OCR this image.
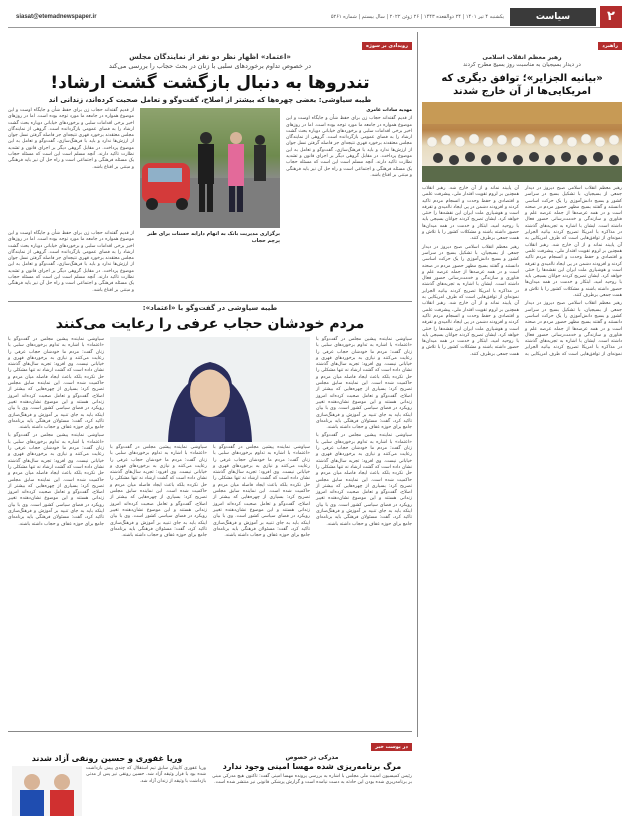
۲
سیاست
یکشنبه ۴ تیر ۱۴۰۱ | ۲۴ ذوالقعده ۱۴۴۳ | ۲۶ ژوئن ۲۰۲۲ | سال بیستم | شماره ۵۲۶۱
siasat@etemadnewspaper.ir
راهبرد
رهبر معظم انقلاب اسلامی
در دیدار بسیجیان به مناسبت روز بسیج مطرح کردند
«بیانیه الجزایر»؛ توافق دیگری که امریکایی‌ها از آن خارج شدند

رهبر معظم انقلاب اسلامی صبح دیروز در دیدار جمعی از بسیجیان، با تشکیل بسیج در سراسر کشور و بسیج دانش‌آموزی را یک حرکت اساسی دانستند و گفتند بسیج مظهر حضور مردم در صحنه است و در همه عرصه‌ها از جمله عرصه علم و فناوری و سازندگی و خدمت‌رسانی حضور فعال داشته است. ایشان با اشاره به تجربه‌های گذشته در مذاکره با امریکا تصریح کردند بیانیه الجزایر نمونه‌ای از توافق‌هایی است که طرف امریکایی به آن پایبند نماند و از آن خارج شد. رهبر انقلاب همچنین بر لزوم تقویت اقتدار ملی، پیشرفت علمی و اقتصادی و حفظ وحدت و انسجام مردم تاکید کردند و افزودند دشمن در پی ایجاد ناامیدی و تفرقه است و هوشیاری ملت ایران این نقشه‌ها را خنثی خواهد کرد. ایشان تصریح کردند جوانان بسیجی باید با روحیه امید، ابتکار و خدمت در همه میدان‌ها حضور داشته باشند و مشکلات کشور را با تلاش و همت جمعی برطرف کنند.

رهبر معظم انقلاب اسلامی صبح دیروز در دیدار جمعی از بسیجیان، با تشکیل بسیج در سراسر کشور و بسیج دانش‌آموزی را یک حرکت اساسی دانستند و گفتند بسیج مظهر حضور مردم در صحنه است و در همه عرصه‌ها از جمله عرصه علم و فناوری و سازندگی و خدمت‌رسانی حضور فعال داشته است. ایشان با اشاره به تجربه‌های گذشته در مذاکره با امریکا تصریح کردند بیانیه الجزایر نمونه‌ای از توافق‌هایی است که طرف امریکایی به آن پایبند نماند و از آن خارج شد. رهبر انقلاب همچنین بر لزوم تقویت اقتدار ملی، پیشرفت علمی و اقتصادی و حفظ وحدت و انسجام مردم تاکید کردند و افزودند دشمن در پی ایجاد ناامیدی و تفرقه است و هوشیاری ملت ایران این نقشه‌ها را خنثی خواهد کرد. ایشان تصریح کردند جوانان بسیجی باید با روحیه امید، ابتکار و خدمت در همه میدان‌ها حضور داشته باشند و مشکلات کشور را با تلاش و همت جمعی برطرف کنند.

رهبر معظم انقلاب اسلامی صبح دیروز در دیدار جمعی از بسیجیان، با تشکیل بسیج در سراسر کشور و بسیج دانش‌آموزی را یک حرکت اساسی دانستند و گفتند بسیج مظهر حضور مردم در صحنه است و در همه عرصه‌ها از جمله عرصه علم و فناوری و سازندگی و خدمت‌رسانی حضور فعال داشته است. ایشان با اشاره به تجربه‌های گذشته در مذاکره با امریکا تصریح کردند بیانیه الجزایر نمونه‌ای از توافق‌هایی است که طرف امریکایی به آن پایبند نماند و از آن خارج شد. رهبر انقلاب همچنین بر لزوم تقویت اقتدار ملی، پیشرفت علمی و اقتصادی و حفظ وحدت و انسجام مردم تاکید کردند و افزودند دشمن در پی ایجاد ناامیدی و تفرقه است و هوشیاری ملت ایران این نقشه‌ها را خنثی خواهد کرد. ایشان تصریح کردند جوانان بسیجی باید با روحیه امید، ابتکار و خدمت در همه میدان‌ها حضور داشته باشند و مشکلات کشور را با تلاش و همت جمعی برطرف کنند.

رویدادی بر سوژه
«اعتماد» اظهار نظر دو نفر از نمایندگان مجلس
در خصوص تداوم برخوردهای سلبی با زنان در بحث حجاب را بررسی می‌کند
تندروها به دنبال بازگشت گشت ارشاد!
طیبه سیاوشی: بعضی چهره‌ها که بیشتر از اصلاح، گفت‌وگو و تعامل صحبت کرده‌اند، زندانی اند

مهدیه سادات عامری

از قدیم گفته‌اند حجاب زن برای حفظ شأن و جایگاه اوست و این موضوع همواره در جامعه ما مورد توجه بوده است. اما در روزهای اخیر برخی اقدامات سلبی و برخوردهای خیابانی دوباره بحث گشت ارشاد را به فضای عمومی بازگردانده است. گروهی از نمایندگان مجلس معتقدند برخورد قهری نتیجه‌ای جز فاصله گرفتن نسل جوان از ارزش‌ها ندارد و باید با فرهنگ‌سازی، گفت‌وگو و تعامل به این موضوع پرداخت. در مقابل گروهی دیگر بر اجرای قانون و تشدید نظارت تاکید دارند. آنچه مسلم است این است که مسئله حجاب یک مسئله فرهنگی و اجتماعی است و راه حل آن نیز باید فرهنگی و مبتنی بر اقناع باشد.

از قدیم گفته‌اند حجاب زن برای حفظ شأن و جایگاه اوست و این موضوع همواره در جامعه ما مورد توجه بوده است. اما در روزهای اخیر برخی اقدامات سلبی و برخوردهای خیابانی دوباره بحث گشت ارشاد را به فضای عمومی بازگردانده است. گروهی از نمایندگان مجلس معتقدند برخورد قهری نتیجه‌ای جز فاصله گرفتن نسل جوان از ارزش‌ها ندارد و باید با فرهنگ‌سازی، گفت‌وگو و تعامل به این موضوع پرداخت. در مقابل گروهی دیگر بر اجرای قانون و تشدید نظارت تاکید دارند. آنچه مسلم است این است که مسئله حجاب یک مسئله فرهنگی و اجتماعی است و راه حل آن نیز باید فرهنگی و مبتنی بر اقناع باشد.

برگزاری مدیریت بانک به اتهام دارابه حسنات برای طنر پرچم حجاب

از قدیم گفته‌اند حجاب زن برای حفظ شأن و جایگاه اوست و این موضوع همواره در جامعه ما مورد توجه بوده است. اما در روزهای اخیر برخی اقدامات سلبی و برخوردهای خیابانی دوباره بحث گشت ارشاد را به فضای عمومی بازگردانده است. گروهی از نمایندگان مجلس معتقدند برخورد قهری نتیجه‌ای جز فاصله گرفتن نسل جوان از ارزش‌ها ندارد و باید با فرهنگ‌سازی، گفت‌وگو و تعامل به این موضوع پرداخت. در مقابل گروهی دیگر بر اجرای قانون و تشدید نظارت تاکید دارند. آنچه مسلم است این است که مسئله حجاب یک مسئله فرهنگی و اجتماعی است و راه حل آن نیز باید فرهنگی و مبتنی بر اقناع باشد.

طیبه سیاوشی در گفت‌وگو با «اعتماد»:
مردم خودشان حجاب عرفی را رعایت می‌کنند

سیاوشی نماینده پیشین مجلس در گفت‌وگو با «اعتماد» با اشاره به تداوم برخوردهای سلبی با زنان گفت: مردم ما خودشان حجاب عرفی را رعایت می‌کنند و نیازی به برخوردهای قهری و خیابانی نیست. وی افزود: تجربه سال‌های گذشته نشان داده است که گشت ارشاد نه تنها مشکلی را حل نکرده بلکه باعث ایجاد فاصله میان مردم و حاکمیت شده است. این نماینده سابق مجلس تصریح کرد: بسیاری از چهره‌هایی که بیشتر از اصلاح، گفت‌وگو و تعامل صحبت کرده‌اند امروز زندانی هستند و این موضوع نشان‌دهنده تغییر رویکرد در فضای سیاسی کشور است. وی با بیان اینکه باید به جای تنبیه بر آموزش و فرهنگ‌سازی تاکید کرد، گفت: مسئولان فرهنگی باید برنامه‌ای جامع برای حوزه عفاف و حجاب داشته باشند.

سیاوشی نماینده پیشین مجلس در گفت‌وگو با «اعتماد» با اشاره به تداوم برخوردهای سلبی با زنان گفت: مردم ما خودشان حجاب عرفی را رعایت می‌کنند و نیازی به برخوردهای قهری و خیابانی نیست. وی افزود: تجربه سال‌های گذشته نشان داده است که گشت ارشاد نه تنها مشکلی را حل نکرده بلکه باعث ایجاد فاصله میان مردم و حاکمیت شده است. این نماینده سابق مجلس تصریح کرد: بسیاری از چهره‌هایی که بیشتر از اصلاح، گفت‌وگو و تعامل صحبت کرده‌اند امروز زندانی هستند و این موضوع نشان‌دهنده تغییر رویکرد در فضای سیاسی کشور است. وی با بیان اینکه باید به جای تنبیه بر آموزش و فرهنگ‌سازی تاکید کرد، گفت: مسئولان فرهنگی باید برنامه‌ای جامع برای حوزه عفاف و حجاب داشته باشند.

سیاوشی نماینده پیشین مجلس در گفت‌وگو با «اعتماد» با اشاره به تداوم برخوردهای سلبی با زنان گفت: مردم ما خودشان حجاب عرفی را رعایت می‌کنند و نیازی به برخوردهای قهری و خیابانی نیست. وی افزود: تجربه سال‌های گذشته نشان داده است که گشت ارشاد نه تنها مشکلی را حل نکرده بلکه باعث ایجاد فاصله میان مردم و حاکمیت شده است. این نماینده سابق مجلس تصریح کرد: بسیاری از چهره‌هایی که بیشتر از اصلاح، گفت‌وگو و تعامل صحبت کرده‌اند امروز زندانی هستند و این موضوع نشان‌دهنده تغییر رویکرد در فضای سیاسی کشور است. وی با بیان اینکه باید به جای تنبیه بر آموزش و فرهنگ‌سازی تاکید کرد، گفت: مسئولان فرهنگی باید برنامه‌ای جامع برای حوزه عفاف و حجاب داشته باشند.

سیاوشی نماینده پیشین مجلس در گفت‌وگو با «اعتماد» با اشاره به تداوم برخوردهای سلبی با زنان گفت: مردم ما خودشان حجاب عرفی را رعایت می‌کنند و نیازی به برخوردهای قهری و خیابانی نیست. وی افزود: تجربه سال‌های گذشته نشان داده است که گشت ارشاد نه تنها مشکلی را حل نکرده بلکه باعث ایجاد فاصله میان مردم و حاکمیت شده است. این نماینده سابق مجلس تصریح کرد: بسیاری از چهره‌هایی که بیشتر از اصلاح، گفت‌وگو و تعامل صحبت کرده‌اند امروز زندانی هستند و این موضوع نشان‌دهنده تغییر رویکرد در فضای سیاسی کشور است. وی با بیان اینکه باید به جای تنبیه بر آموزش و فرهنگ‌سازی تاکید کرد، گفت: مسئولان فرهنگی باید برنامه‌ای جامع برای حوزه عفاف و حجاب داشته باشند.

سیاوشی نماینده پیشین مجلس در گفت‌وگو با «اعتماد» با اشاره به تداوم برخوردهای سلبی با زنان گفت: مردم ما خودشان حجاب عرفی را رعایت می‌کنند و نیازی به برخوردهای قهری و خیابانی نیست. وی افزود: تجربه سال‌های گذشته نشان داده است که گشت ارشاد نه تنها مشکلی را حل نکرده بلکه باعث ایجاد فاصله میان مردم و حاکمیت شده است. این نماینده سابق مجلس تصریح کرد: بسیاری از چهره‌هایی که بیشتر از اصلاح، گفت‌وگو و تعامل صحبت کرده‌اند امروز زندانی هستند و این موضوع نشان‌دهنده تغییر رویکرد در فضای سیاسی کشور است. وی با بیان اینکه باید به جای تنبیه بر آموزش و فرهنگ‌سازی تاکید کرد، گفت: مسئولان فرهنگی باید برنامه‌ای جامع برای حوزه عفاف و حجاب داشته باشند.

سیاوشی نماینده پیشین مجلس در گفت‌وگو با «اعتماد» با اشاره به تداوم برخوردهای سلبی با زنان گفت: مردم ما خودشان حجاب عرفی را رعایت می‌کنند و نیازی به برخوردهای قهری و خیابانی نیست. وی افزود: تجربه سال‌های گذشته نشان داده است که گشت ارشاد نه تنها مشکلی را حل نکرده بلکه باعث ایجاد فاصله میان مردم و حاکمیت شده است. این نماینده سابق مجلس تصریح کرد: بسیاری از چهره‌هایی که بیشتر از اصلاح، گفت‌وگو و تعامل صحبت کرده‌اند امروز زندانی هستند و این موضوع نشان‌دهنده تغییر رویکرد در فضای سیاسی کشور است. وی با بیان اینکه باید به جای تنبیه بر آموزش و فرهنگ‌سازی تاکید کرد، گفت: مسئولان فرهنگی باید برنامه‌ای جامع برای حوزه عفاف و حجاب داشته باشند.

در پوست خبر
مدرکی در خصوص
مرگ برنامه‌ریزی شده مهسا امینی وجود ندارد
رئیس کمیسیون امنیت ملی مجلس با اشاره به بررسی پرونده مهسا امینی گفت: تاکنون هیچ مدرکی مبنی بر برنامه‌ریزی شده بودن این حادثه به دست نیامده است و گزارش پزشکی قانونی نیز منتشر شده است.
وریا غفوری و حسین رونقی آزاد شدند
وریا غفوری کاپیتان سابق تیم استقلال که چندی پیش بازداشت شده بود با قرار وثیقه آزاد شد. حسین رونقی نیز پس از مدتی بازداشت با وثیقه از زندان آزاد شد.
